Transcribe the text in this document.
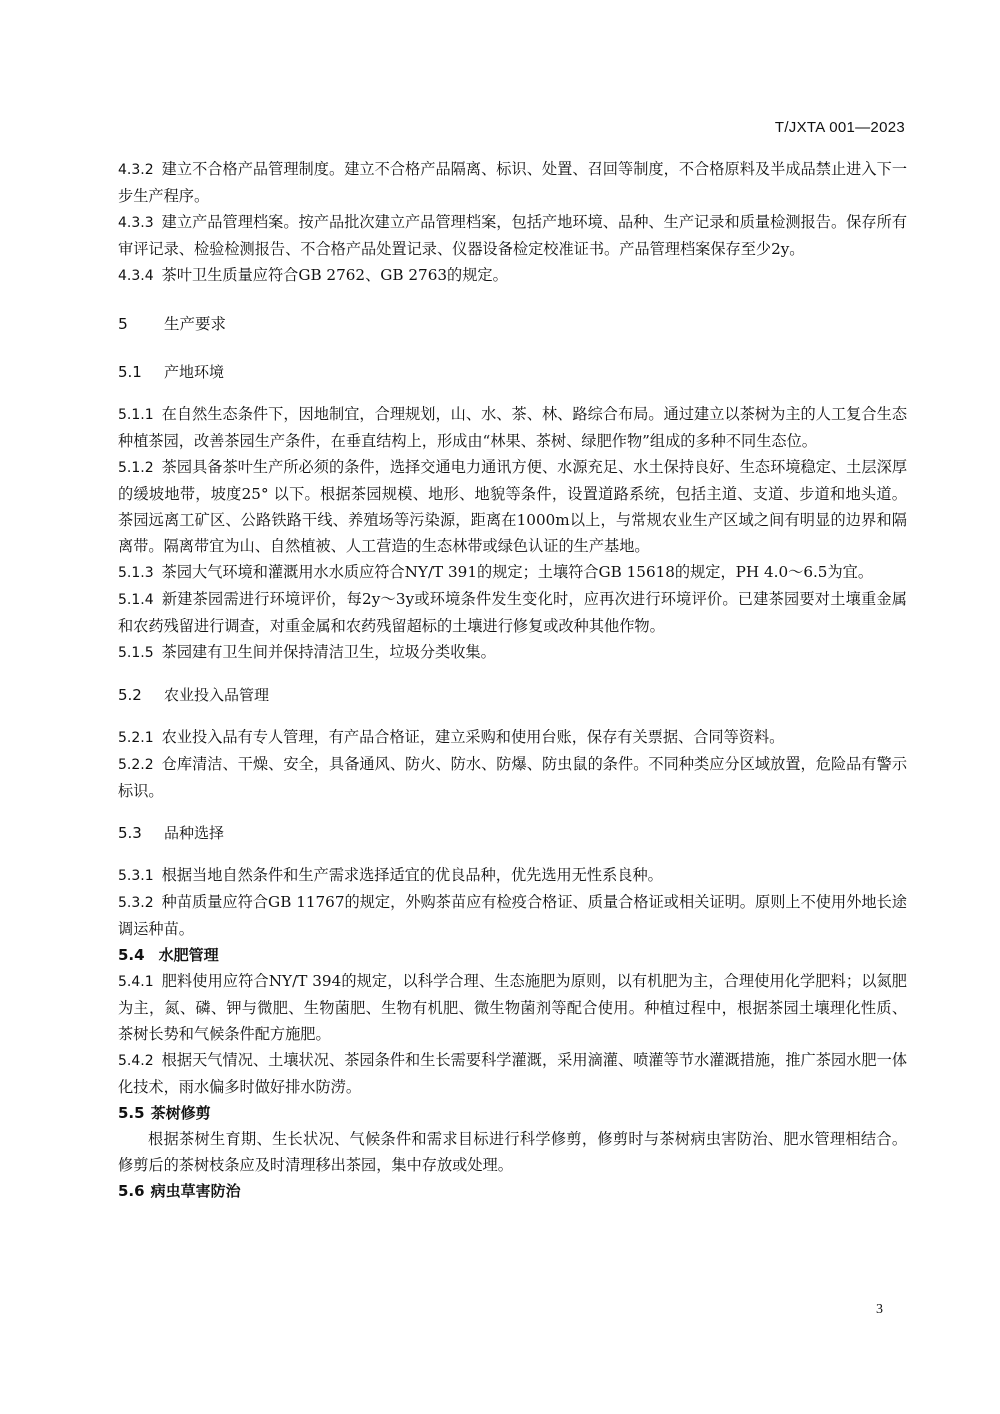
T/JXTA 001—2023

4.3.2 建立不合格产品管理制度。建立不合格产品隔离、标识、处置、召回等制度，不合格原料及半成品禁止进入下一步生产程序。

4.3.3 建立产品管理档案。按产品批次建立产品管理档案，包括产地环境、品种、生产记录和质量检测报告。保存所有审评记录、检验检测报告、不合格产品处置记录、仪器设备检定校准证书。产品管理档案保存至少2y。

4.3.4 茶叶卫生质量应符合GB 2762、GB 2763的规定。

5 生产要求

5.1 产地环境

5.1.1 在自然生态条件下，因地制宜，合理规划，山、水、茶、林、路综合布局。通过建立以茶树为主的人工复合生态种植茶园，改善茶园生产条件，在垂直结构上，形成由“林果、茶树、绿肥作物”组成的多种不同生态位。

5.1.2 茶园具备茶叶生产所必须的条件，选择交通电力通讯方便、水源充足、水土保持良好、生态环境稳定、土层深厚的缓坡地带，坡度25° 以下。根据茶园规模、地形、地貌等条件，设置道路系统，包括主道、支道、步道和地头道。茶园远离工矿区、公路铁路干线、养殖场等污染源，距离在1000m以上，与常规农业生产区域之间有明显的边界和隔离带。隔离带宜为山、自然植被、人工营造的生态林带或绿色认证的生产基地。

5.1.3 茶园大气环境和灌溉用水水质应符合NY/T 391的规定；土壤符合GB 15618的规定，PH 4.0～6.5为宜。

5.1.4 新建茶园需进行环境评价，每2y～3y或环境条件发生变化时，应再次进行环境评价。已建茶园要对土壤重金属和农药残留进行调查，对重金属和农药残留超标的土壤进行修复或改种其他作物。

5.1.5 茶园建有卫生间并保持清洁卫生，垃圾分类收集。

5.2 农业投入品管理

5.2.1 农业投入品有专人管理，有产品合格证，建立采购和使用台账，保存有关票据、合同等资料。

5.2.2 仓库清洁、干燥、安全，具备通风、防火、防水、防爆、防虫鼠的条件。不同种类应分区域放置，危险品有警示标识。

5.3 品种选择

5.3.1 根据当地自然条件和生产需求选择适宜的优良品种，优先选用无性系良种。

5.3.2 种苗质量应符合GB 11767的规定，外购茶苗应有检疫合格证、质量合格证或相关证明。原则上不使用外地长途调运种苗。

5.4 水肥管理

5.4.1 肥料使用应符合NY/T 394的规定，以科学合理、生态施肥为原则，以有机肥为主，合理使用化学肥料；以氮肥为主，氮、磷、钾与微肥、生物菌肥、生物有机肥、微生物菌剂等配合使用。种植过程中，根据茶园土壤理化性质、茶树长势和气候条件配方施肥。

5.4.2 根据天气情况、土壤状况、茶园条件和生长需要科学灌溉，采用滴灌、喷灌等节水灌溉措施，推广茶园水肥一体化技术，雨水偏多时做好排水防涝。

5.5 茶树修剪

根据茶树生育期、生长状况、气候条件和需求目标进行科学修剪，修剪时与茶树病虫害防治、肥水管理相结合。修剪后的茶树枝条应及时清理移出茶园，集中存放或处理。

5.6 病虫草害防治

3
